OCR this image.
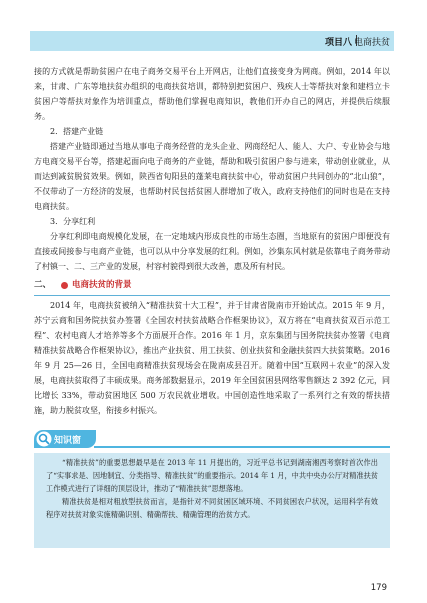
项目八 电商扶贫

接的方式就是帮助贫困户在电子商务交易平台上开网店，让他们直接变身为网商。例如，2014 年以来，甘肃、广东等地扶贫办组织的电商扶贫培训，都特别把贫困户、残疾人士等帮扶对象和建档立卡贫困户等帮扶对象作为培训重点，帮助他们掌握电商知识，教他们开办自己的网店，并提供后续服务。

2．搭建产业链

搭建产业链即通过当地从事电子商务经营的龙头企业、网商经纪人、能人、大户、专业协会与地方电商交易平台等，搭建起面向电子商务的产业链，帮助和吸引贫困户参与进来，带动创业就业，从而达到减贫脱贫效果。例如，陕西省旬阳县的蓬莱电商扶贫中心，带动贫困户共同创办的“北山狼”，不仅带动了一方经济的发展，也帮助村民包括贫困人群增加了收入，政府支持他们的同时也是在支持电商扶贫。

3．分享红利

分享红利即电商规模化发展，在一定地域内形成良性的市场生态圈，当地原有的贫困户即便没有直接或间接参与电商产业链，也可以从中分享发展的红利。例如，沙集东风村就是依靠电子商务带动了村镇一、二、三产业的发展，村容村貌得到很大改善，惠及所有村民。

二、 电商扶贫的背景

2014 年，电商扶贫被纳入“精准扶贫十大工程”，并于甘肃省陇南市开始试点。2015 年 9 月，苏宁云商和国务院扶贫办签署《全国农村扶贫战略合作框架协议》，双方将在“电商扶贫双百示范工程”、农村电商人才培养等多个方面展开合作。2016 年 1 月，京东集团与国务院扶贫办签署《电商精准扶贫战略合作框架协议》，推出产业扶贫、用工扶贫、创业扶贫和金融扶贫四大扶贫策略。2016 年 9 月 25—26 日，全国电商精准扶贫现场会在陇南成县召开。随着中国“互联网＋农业”的深入发展，电商扶贫取得了丰硕成果。商务部数据显示，2019 年全国贫困县网络零售额达 2 392 亿元，同比增长 33%，带动贫困地区 500 万农民就业增收。中国创造性地采取了一系列行之有效的帮扶措施，助力脱贫攻坚，衔接乡村振兴。

知识窗

“精准扶贫”的重要思想最早是在 2013 年 11 月提出的，习近平总书记到湖南湘西考察时首次作出了“实事求是、因地制宜、分类指导、精准扶贫”的重要指示。2014 年 1 月，中共中央办公厅对精准扶贫工作模式进行了详细的顶层设计，推动了“精准扶贫”思想落地。

精准扶贫是相对粗放型扶贫而言，是指针对不同贫困区域环境、不同贫困农户状况，运用科学有效程序对扶贫对象实施精确识别、精确帮扶、精确管理的治贫方式。

179
